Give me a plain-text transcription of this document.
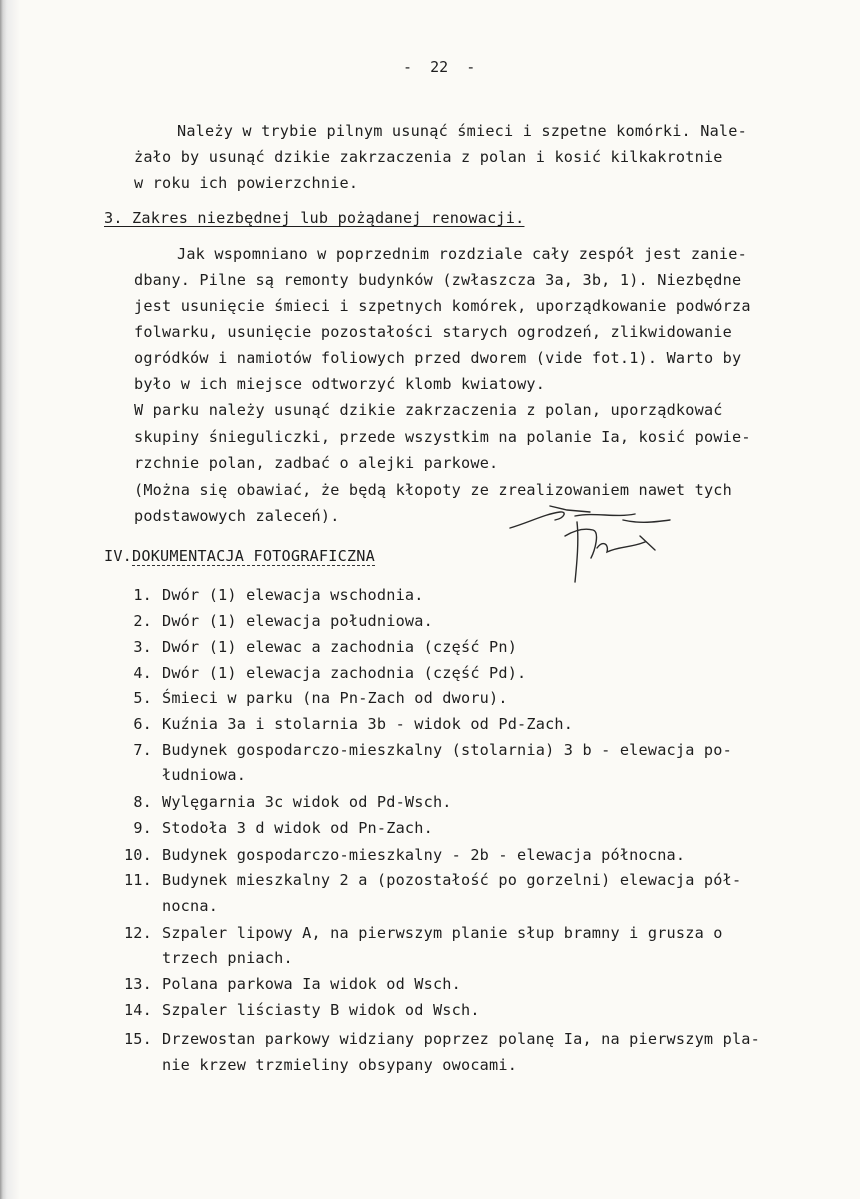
-  22  -
Należy w trybie pilnym usunąć śmieci i szpetne komórki. Nale-
żało by usunąć dzikie zakrzaczenia z polan i kosić kilkakrotnie
w roku ich powierzchnie.
3. Zakres niezbędnej lub pożądanej renowacji.
Jak wspomniano w poprzednim rozdziale cały zespół jest zanie-
dbany. Pilne są remonty budynków (zwłaszcza 3a, 3b, 1). Niezbędne
jest usunięcie śmieci i szpetnych komórek, uporządkowanie podwórza
folwarku, usunięcie pozostałości starych ogrodzeń, zlikwidowanie
ogródków i namiotów foliowych przed dworem (vide fot.1). Warto by
było w ich miejsce odtworzyć klomb kwiatowy.
W parku należy usunąć dzikie zakrzaczenia z polan, uporządkować
skupiny śnieguliczki, przede wszystkim na polanie Ia, kosić powie-
rzchnie polan, zadbać o alejki parkowe.
(Można się obawiać, że będą kłopoty ze zrealizowaniem nawet tych
podstawowych zaleceń).
IV.DOKUMENTACJA FOTOGRAFICZNA
1. Dwór (1) elewacja wschodnia.
2. Dwór (1) elewacja południowa.
3. Dwór (1) elewac a zachodnia (część Pn)
4. Dwór (1) elewacja zachodnia (część Pd).
5. Śmieci w parku (na Pn-Zach od dworu).
6. Kuźnia 3a i stolarnia 3b - widok od Pd-Zach.
7. Budynek gospodarczo-mieszkalny (stolarnia) 3 b - elewacja po-
łudniowa.
8. Wylęgarnia 3c widok od Pd-Wsch.
9. Stodoła 3 d widok od Pn-Zach.
10. Budynek gospodarczo-mieszkalny - 2b - elewacja północna.
11. Budynek mieszkalny 2 a (pozostałość po gorzelni) elewacja pół-
nocna.
12. Szpaler lipowy A, na pierwszym planie słup bramny i grusza o
trzech pniach.
13. Polana parkowa Ia widok od Wsch.
14. Szpaler liściasty B widok od Wsch.
15. Drzewostan parkowy widziany poprzez polanę Ia, na pierwszym pla-
nie krzew trzmieliny obsypany owocami.
